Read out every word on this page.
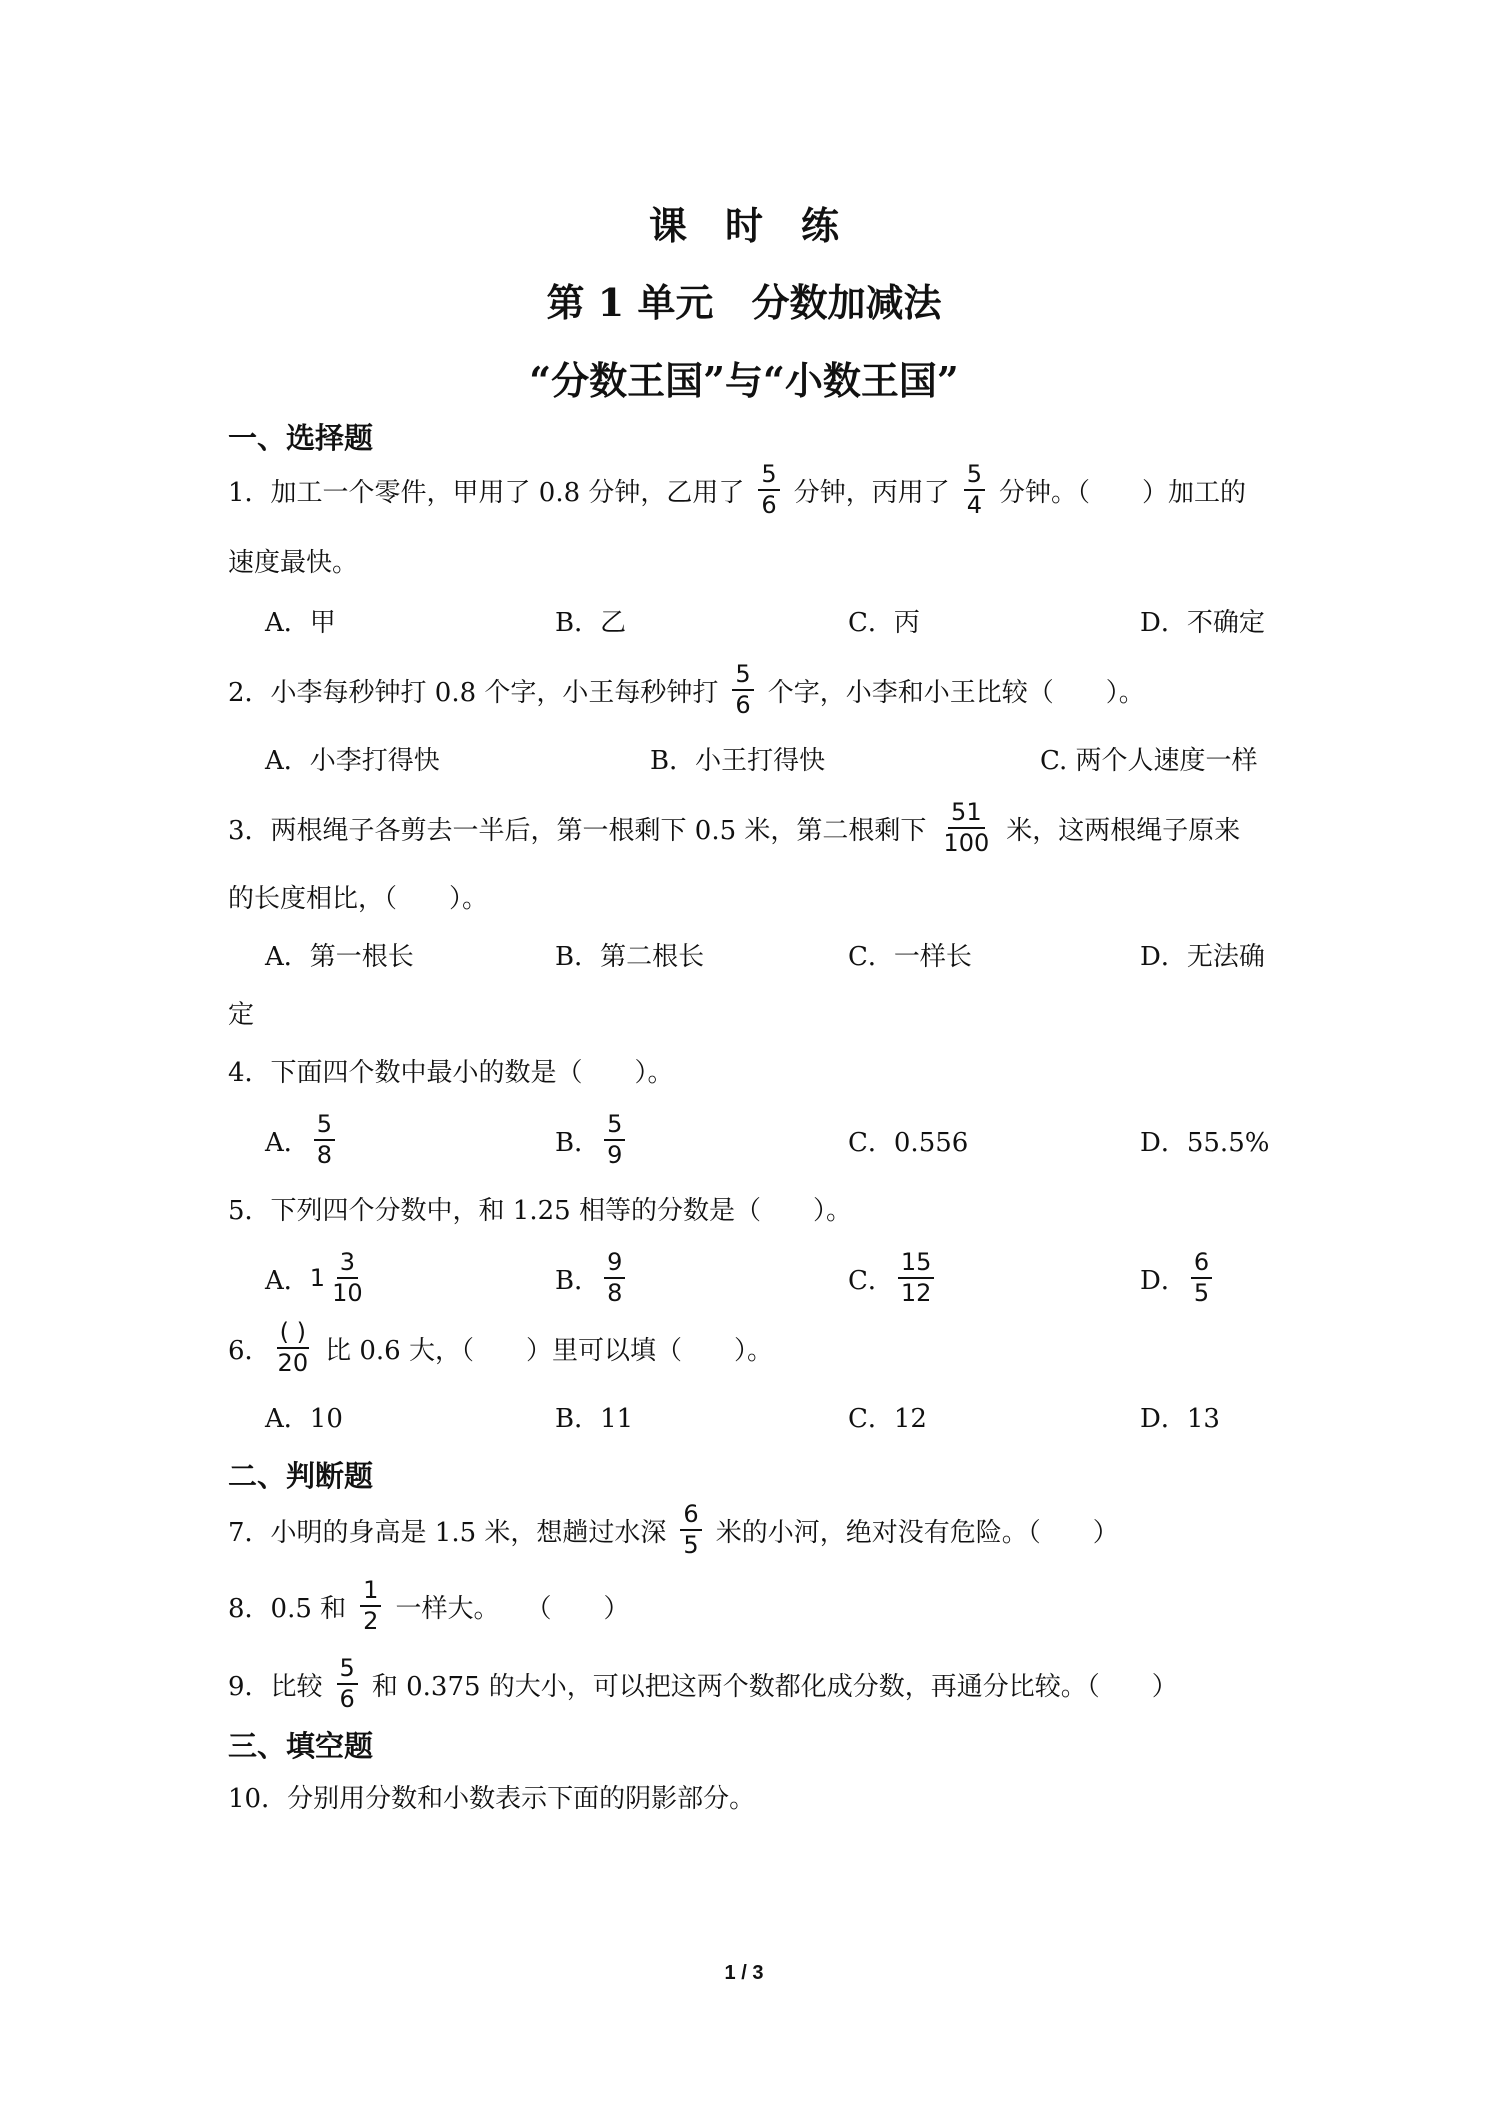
课　时　练
第 1 单元　分数加减法
“分数王国”与“小数王国”
一、选择题
1．加工一个零件，甲用了 0.8 分钟，乙用了 $\frac{5}{6}$ 分钟，丙用了 $\frac{5}{4}$ 分钟。（　　）加工的
速度最快。
A．甲	B．乙	C．丙	D．不确定
2．小李每秒钟打 0.8 个字，小王每秒钟打 $\frac{5}{6}$ 个字，小李和小王比较（　　）。
A．小李打得快	B．小王打得快	C. 两个人速度一样
3．两根绳子各剪去一半后，第一根剩下 0.5 米，第二根剩下 $\frac{51}{100}$ 米，这两根绳子原来
的长度相比，（　　）。
A．第一根长	B．第二根长	C．一样长	D．无法确
定
4．下面四个数中最小的数是（　　）。
A． $\frac{5}{8}$	B． $\frac{5}{9}$	C．0.556	D．55.5%
5．下列四个分数中，和 1.25 相等的分数是（　　）。
A． $1 \frac{3}{10}$	B． $\frac{9}{8}$	C． $\frac{15}{12}$	D． $\frac{6}{5}$
6． $\frac{( )}{20}$ 比 0.6 大，（　　）里可以填（　　）。
A．10	B．11	C．12	D．13
二、判断题
7．小明的身高是 1.5 米，想趟过水深 $\frac{6}{5}$ 米的小河，绝对没有危险。（　　）
8．0.5 和 $\frac{1}{2}$ 一样大。　　（　　）
9．比较 $\frac{5}{6}$ 和 0.375 的大小，可以把这两个数都化成分数，再通分比较。（　　）
三、填空题
10．分别用分数和小数表示下面的阴影部分。
1 / 3
